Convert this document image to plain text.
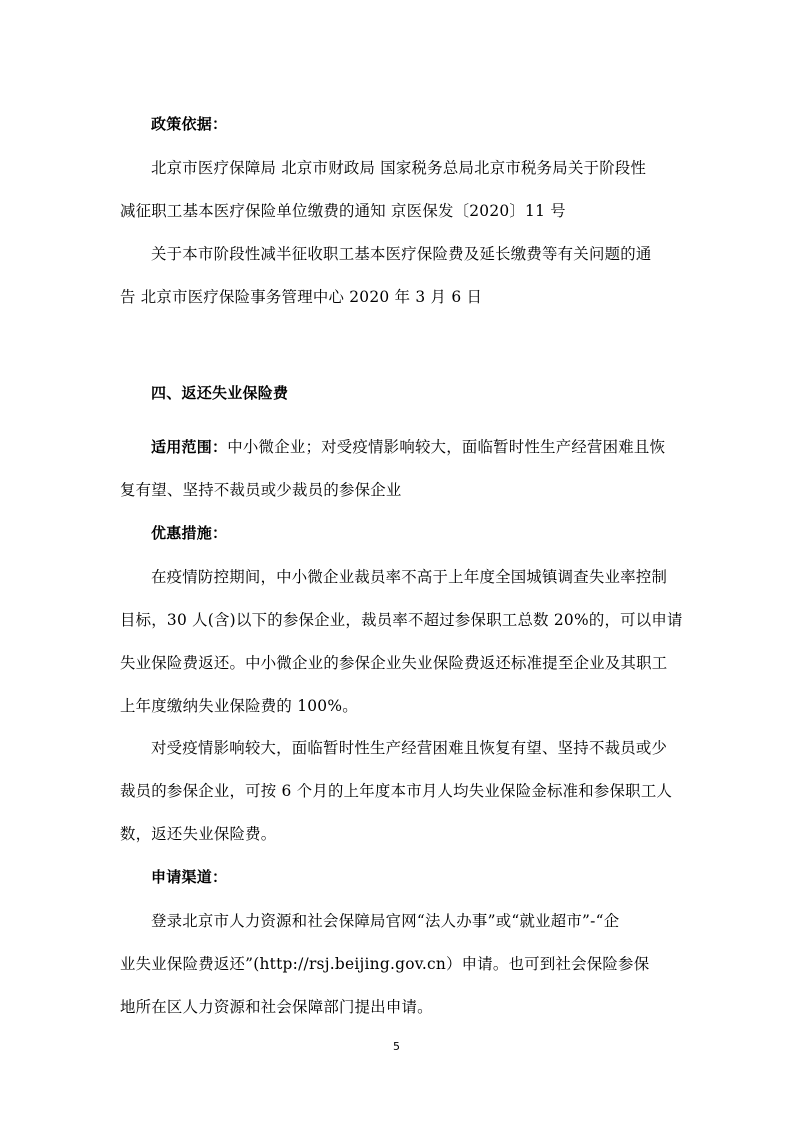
政策依据：
北京市医疗保障局 北京市财政局 国家税务总局北京市税务局关于阶段性
减征职工基本医疗保险单位缴费的通知 京医保发〔2020〕11 号
关于本市阶段性减半征收职工基本医疗保险费及延长缴费等有关问题的通
告 北京市医疗保险事务管理中心 2020 年 3 月 6 日
四、返还失业保险费
适用范围：中小微企业；对受疫情影响较大，面临暂时性生产经营困难且恢
复有望、坚持不裁员或少裁员的参保企业
优惠措施：
在疫情防控期间，中小微企业裁员率不高于上年度全国城镇调查失业率控制
目标，30 人(含)以下的参保企业，裁员率不超过参保职工总数 20%的，可以申请
失业保险费返还。中小微企业的参保企业失业保险费返还标准提至企业及其职工
上年度缴纳失业保险费的 100%。
对受疫情影响较大，面临暂时性生产经营困难且恢复有望、坚持不裁员或少
裁员的参保企业，可按 6 个月的上年度本市月人均失业保险金标准和参保职工人
数，返还失业保险费。
申请渠道：
登录北京市人力资源和社会保障局官网“法人办事”或“就业超市”-“企
业失业保险费返还”(http://rsj.beijing.gov.cn）申请。也可到社会保险参保
地所在区人力资源和社会保障部门提出申请。
5
